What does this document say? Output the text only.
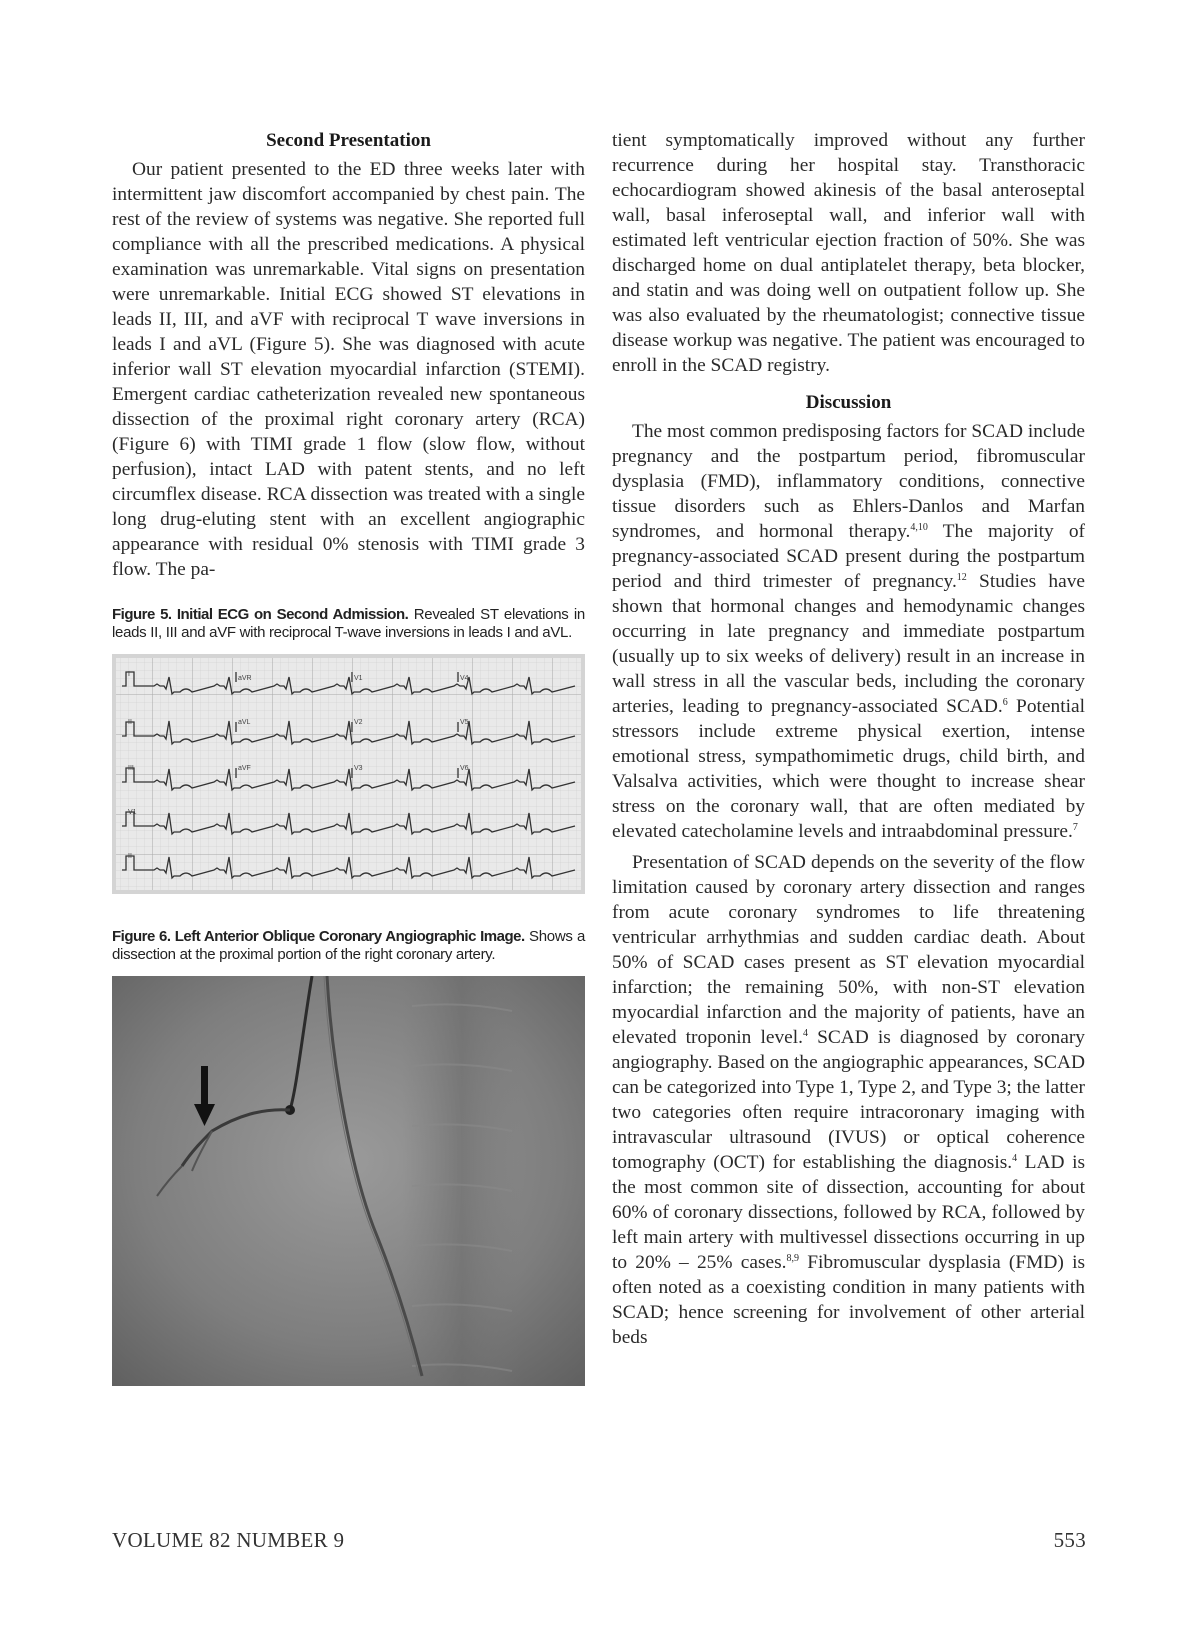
Second Presentation

Our patient presented to the ED three weeks later with intermittent jaw discomfort accompanied by chest pain. The rest of the review of systems was negative. She reported full compliance with all the prescribed medications. A physical examination was unremarkable. Vital signs on presentation were unremarkable. Initial ECG showed ST elevations in leads II, III, and aVF with reciprocal T wave inversions in leads I and aVL (Figure 5). She was diagnosed with acute inferior wall ST elevation myocardial infarction (STEMI). Emergent cardiac catheterization revealed new spontaneous dissection of the proximal right coronary artery (RCA) (Figure 6) with TIMI grade 1 flow (slow flow, without perfusion), intact LAD with patent stents, and no left circumflex disease. RCA dissection was treated with a single long drug-eluting stent with an excellent angiographic appearance with residual 0% stenosis with TIMI grade 3 flow. The pa-

Figure 5. Initial ECG on Second Admission. Revealed ST elevations in leads II, III and aVF with reciprocal T-wave inversions in leads I and aVL.

I
aVR	V1	V4
II	aVL	V2	V5
III	aVF	V3	V6
V1
II

Figure 6. Left Anterior Oblique Coronary Angiographic Image. Shows a dissection at the proximal portion of the right coronary artery.

tient symptomatically improved without any further recurrence during her hospital stay. Transthoracic echocardiogram showed akinesis of the basal anteroseptal wall, basal inferoseptal wall, and inferior wall with estimated left ventricular ejection fraction of 50%. She was discharged home on dual antiplatelet therapy, beta blocker, and statin and was doing well on outpatient follow up. She was also evaluated by the rheumatologist; connective tissue disease workup was negative. The patient was encouraged to enroll in the SCAD registry.

Discussion

The most common predisposing factors for SCAD include pregnancy and the postpartum period, fibromuscular dysplasia (FMD), inflammatory conditions, connective tissue disorders such as Ehlers-Danlos and Marfan syndromes, and hormonal therapy.$^{4,10}$ The majority of pregnancy-associated SCAD present during the postpartum period and third trimester of pregnancy.$^{12}$ Studies have shown that hormonal changes and hemodynamic changes occurring in late pregnancy and immediate postpartum (usually up to six weeks of delivery) result in an increase in wall stress in all the vascular beds, including the coronary arteries, leading to pregnancy-associated SCAD.$^6$ Potential stressors include extreme physical exertion, intense emotional stress, sympathomimetic drugs, child birth, and Valsalva activities, which were thought to increase shear stress on the coronary wall, that are often mediated by elevated catecholamine levels and intraabdominal pressure.$^7$

Presentation of SCAD depends on the severity of the flow limitation caused by coronary artery dissection and ranges from acute coronary syndromes to life threatening ventricular arrhythmias and sudden cardiac death. About 50% of SCAD cases present as ST elevation myocardial infarction; the remaining 50%, with non-ST elevation myocardial infarction and the majority of patients, have an elevated troponin level.$^4$ SCAD is diagnosed by coronary angiography. Based on the angiographic appearances, SCAD can be categorized into Type 1, Type 2, and Type 3; the latter two categories often require intracoronary imaging with intravascular ultrasound (IVUS) or optical coherence tomography (OCT) for establishing the diagnosis.$^4$ LAD is the most common site of dissection, accounting for about 60% of coronary dissections, followed by RCA, followed by left main artery with multivessel dissections occurring in up to 20% – 25% cases.$^{8,9}$ Fibromuscular dysplasia (FMD) is often noted as a coexisting condition in many patients with SCAD; hence screening for involvement of other arterial beds

VOLUME 82 NUMBER 9	553
